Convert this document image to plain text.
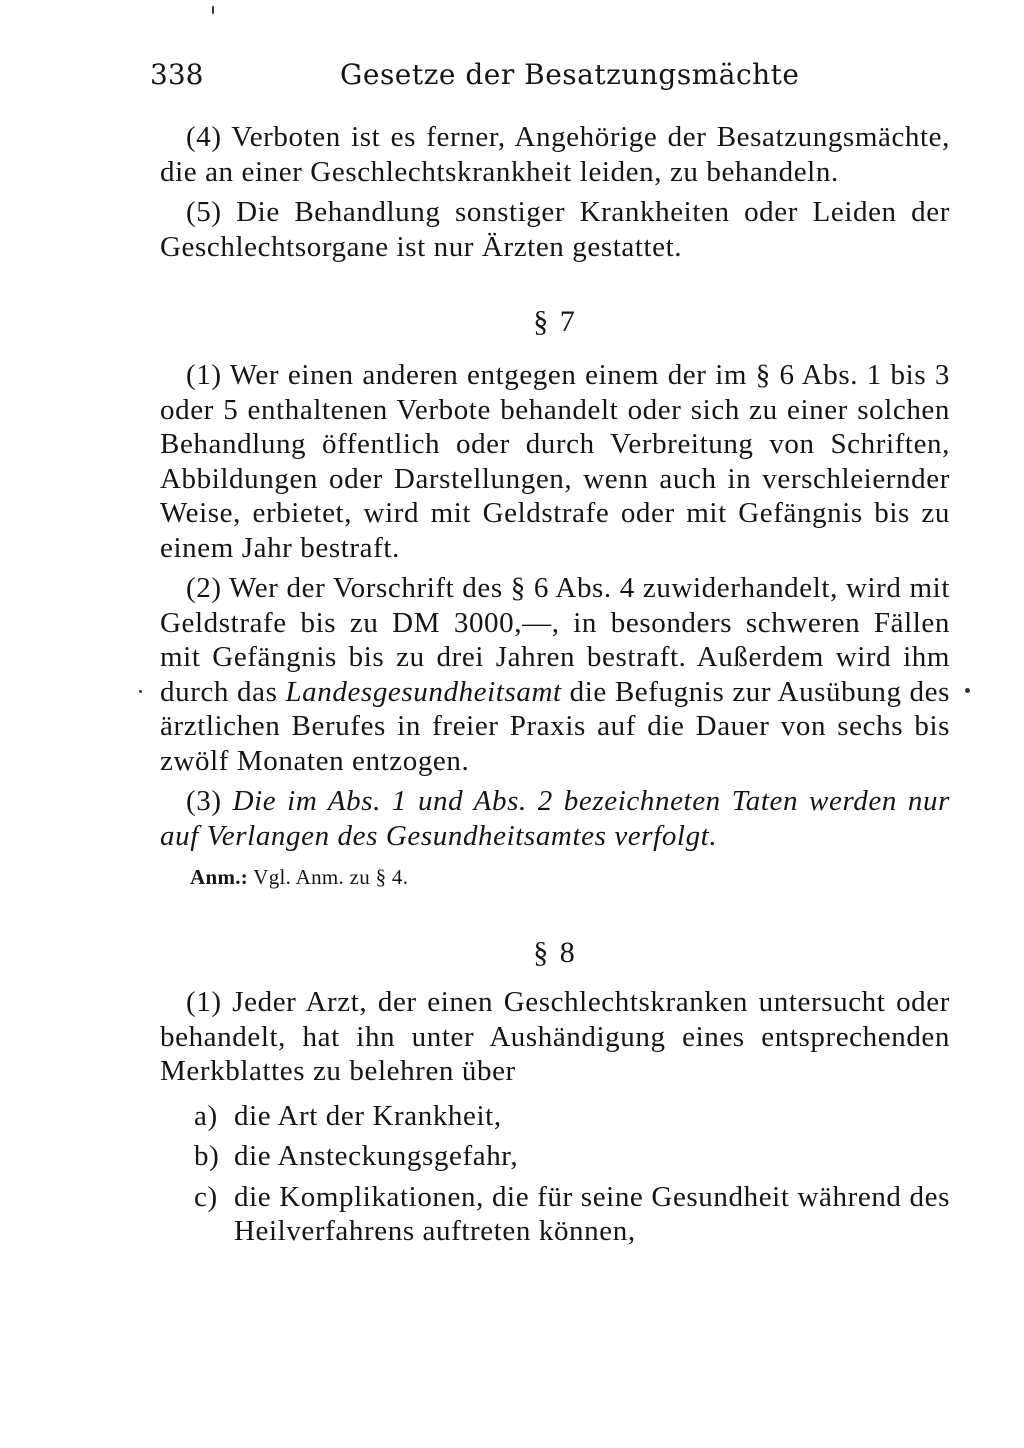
338	Gesetze der Besatzungsmächte

(4) Verboten ist es ferner, Angehörige der Besatzungsmächte, die an einer Geschlechtskrankheit leiden, zu behandeln.

(5) Die Behandlung sonstiger Krankheiten oder Leiden der Geschlechtsorgane ist nur Ärzten gestattet.

§ 7

(1) Wer einen anderen entgegen einem der im § 6 Abs. 1 bis 3 oder 5 enthaltenen Verbote behandelt oder sich zu einer solchen Behandlung öffentlich oder durch Verbreitung von Schriften, Abbildungen oder Darstellungen, wenn auch in verschleiernder Weise, erbietet, wird mit Geldstrafe oder mit Gefängnis bis zu einem Jahr bestraft.

(2) Wer der Vorschrift des § 6 Abs. 4 zuwiderhandelt, wird mit Geldstrafe bis zu DM 3000,—, in besonders schweren Fällen mit Gefängnis bis zu drei Jahren bestraft. Außerdem wird ihm durch das Landesgesundheitsamt die Befugnis zur Ausübung des ärztlichen Berufes in freier Praxis auf die Dauer von sechs bis zwölf Monaten entzogen.

(3) Die im Abs. 1 und Abs. 2 bezeichneten Taten werden nur auf Verlangen des Gesundheitsamtes verfolgt.

Anm.: Vgl. Anm. zu § 4.
§ 8

(1) Jeder Arzt, der einen Geschlechtskranken untersucht oder behandelt, hat ihn unter Aushändigung eines entsprechenden Merkblattes zu belehren über

a) die Art der Krankheit,
b) die Ansteckungsgefahr,
c) die Komplikationen, die für seine Gesundheit während des Heilverfahrens auftreten können,
